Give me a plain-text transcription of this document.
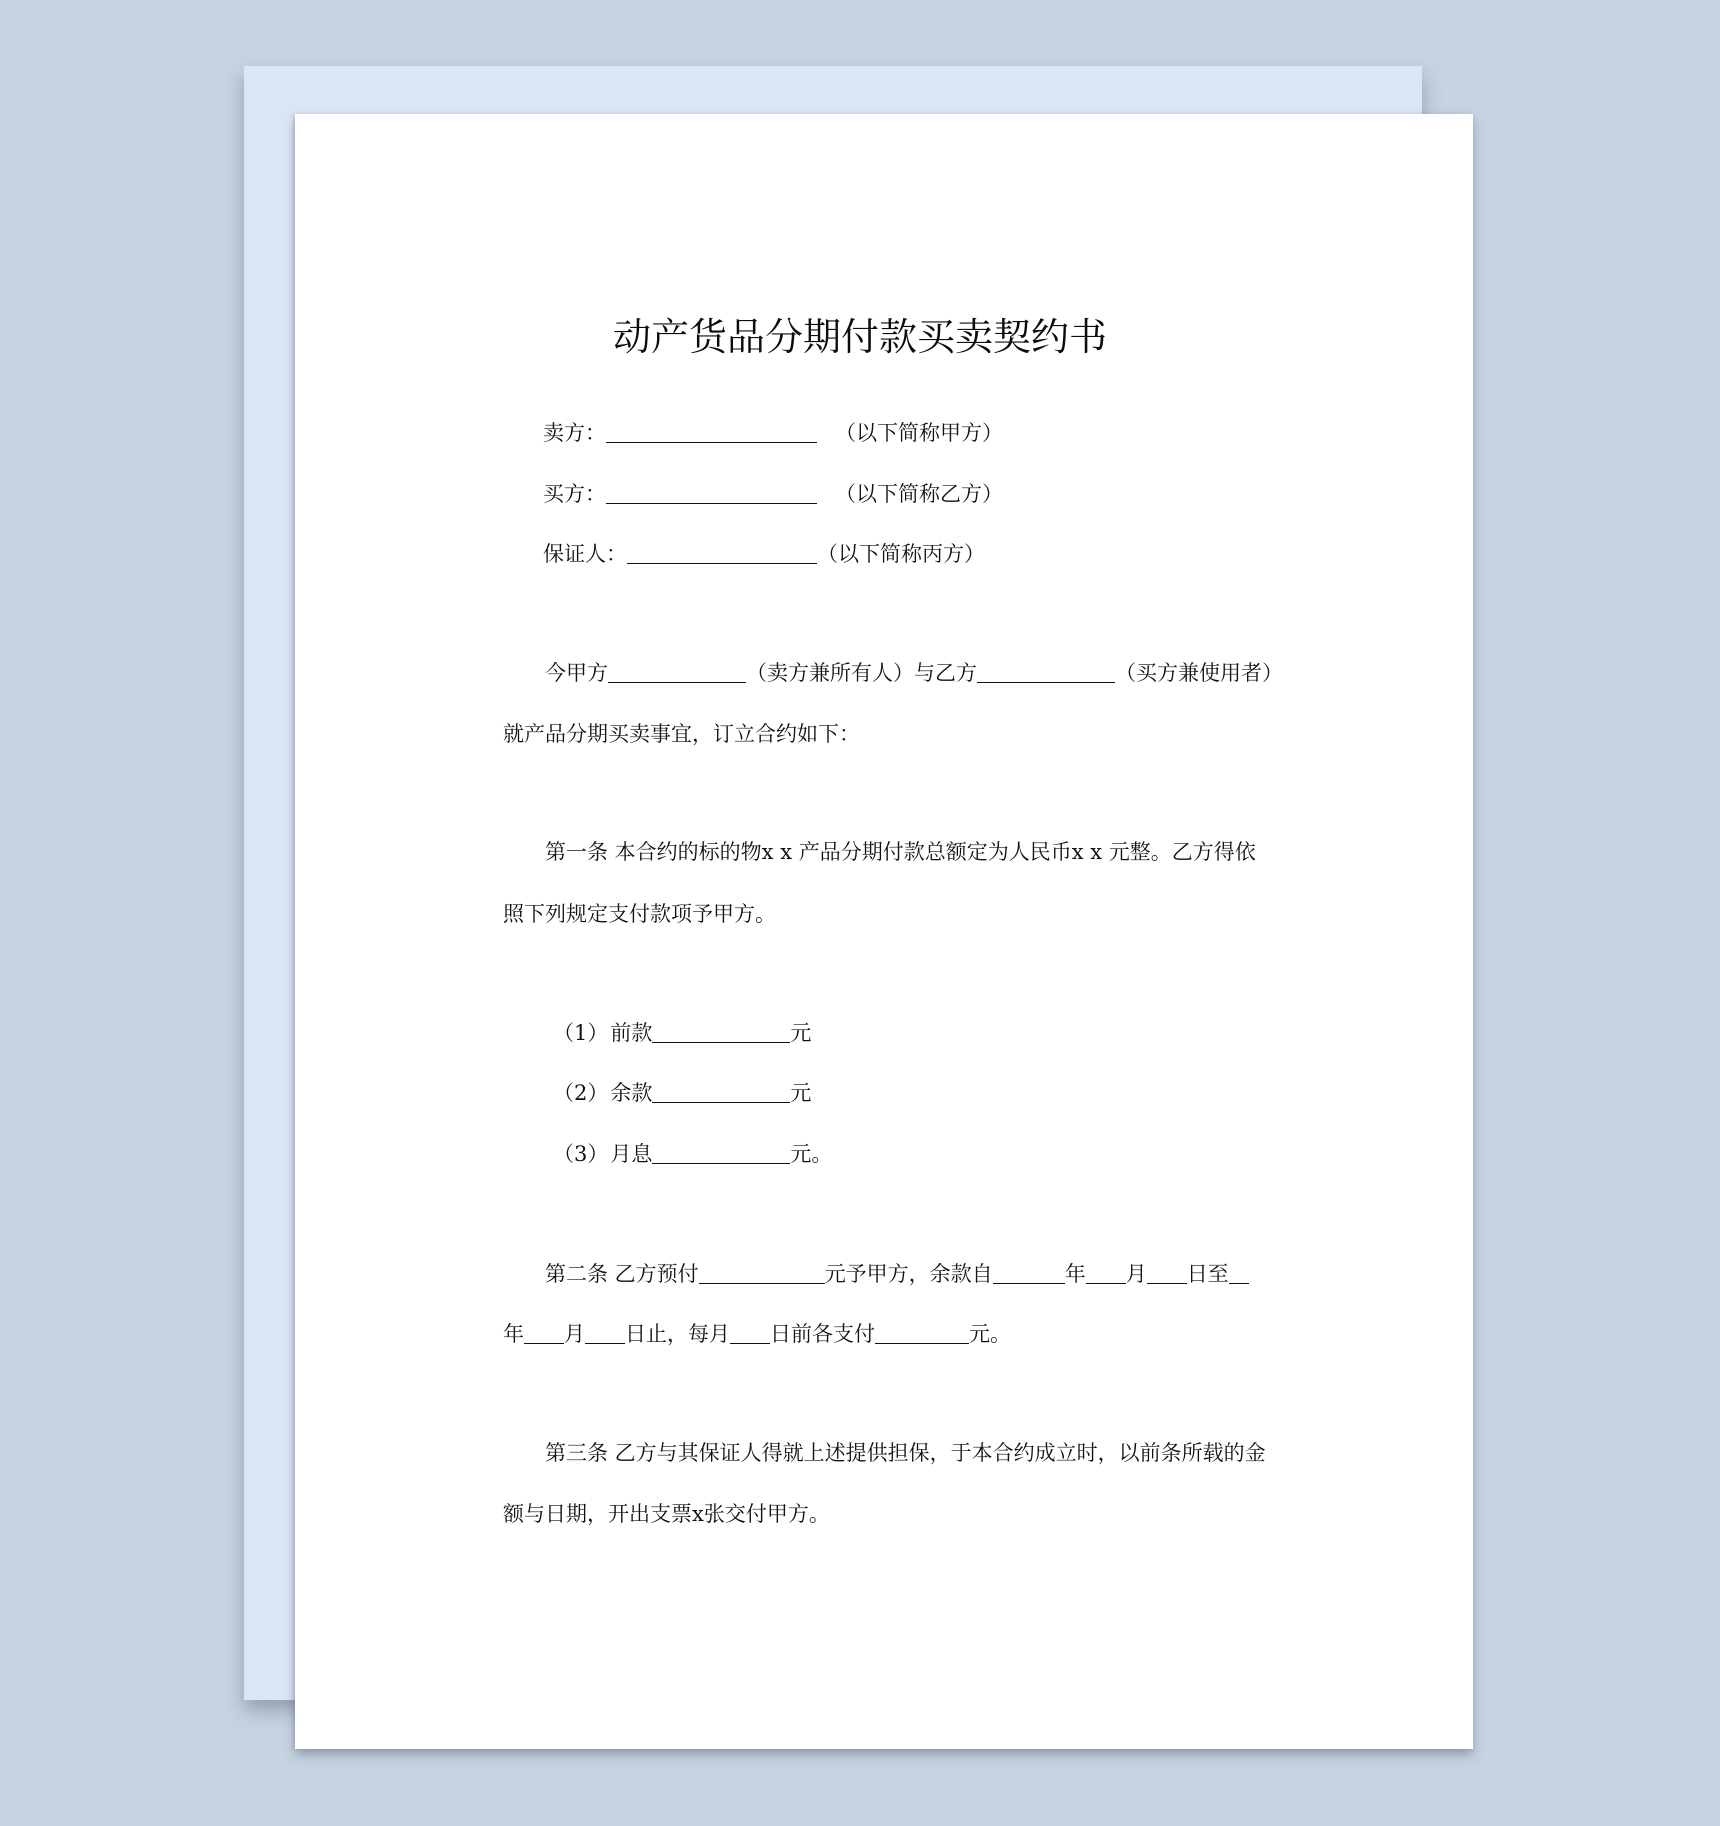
动产货品分期付款买卖契约书
卖方：	（以下简称甲方）
买方：	（以下简称乙方）
保证人：	（以下简称丙方）
今甲方	（卖方兼所有人）与乙方	（买方兼使用者）
就产品分期买卖事宜，订立合约如下：
第一条 本合约的标的物x x 产品分期付款总额定为人民币x x 元整。乙方得依
照下列规定支付款项予甲方。
（1）前款	元
（2）余款	元
（3）月息	元。
第二条 乙方预付	元予甲方，余款自	年 月 日至
年 月 日止，每月 日前各支付	元。
第三条 乙方与其保证人得就上述提供担保，于本合约成立时，以前条所载的金
额与日期，开出支票x张交付甲方。
